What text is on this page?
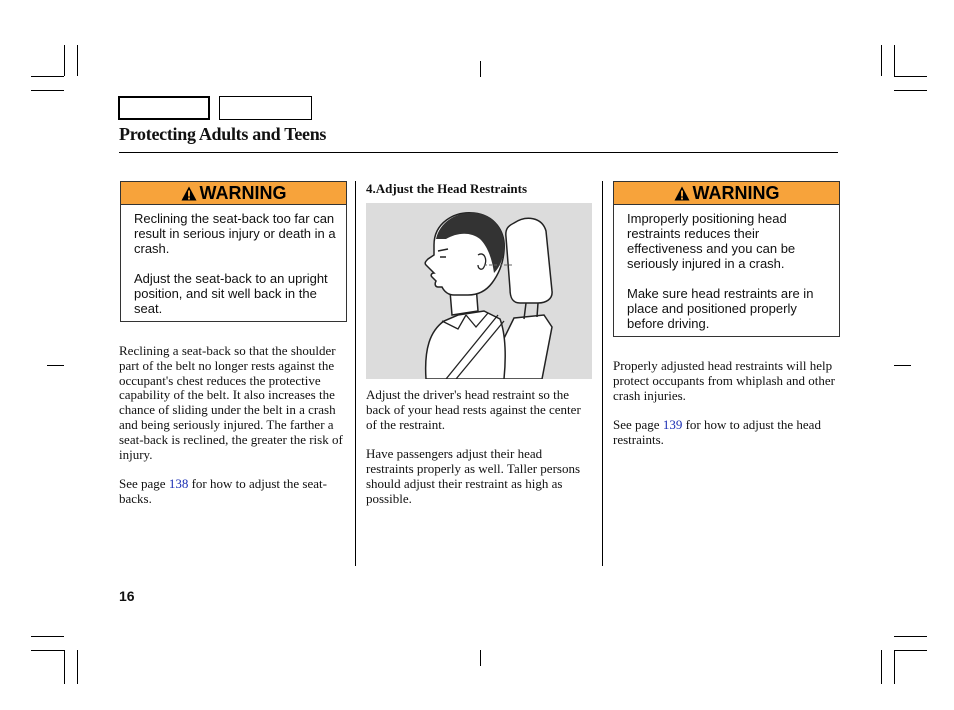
Protecting Adults and Teens
WARNING

Reclining the seat-back too far can result in serious injury or death in a crash.

Adjust the seat-back to an upright position, and sit well back in the seat.

Reclining a seat-back so that the shoulder part of the belt no longer rests against the occupant's chest reduces the protective capability of the belt. It also increases the chance of sliding under the belt in a crash and being seriously injured. The farther a seat-back is reclined, the greater the risk of injury.

See page 138 for how to adjust the seat-backs.

4.Adjust the Head Restraints

Adjust the driver's head restraint so the back of your head rests against the center of the restraint.

Have passengers adjust their head restraints properly as well. Taller persons should adjust their restraint as high as possible.

WARNING

Improperly positioning head restraints reduces their effectiveness and you can be seriously injured in a crash.

Make sure head restraints are in place and positioned properly before driving.

Properly adjusted head restraints will help protect occupants from whiplash and other crash injuries.

See page 139 for how to adjust the head restraints.

16
